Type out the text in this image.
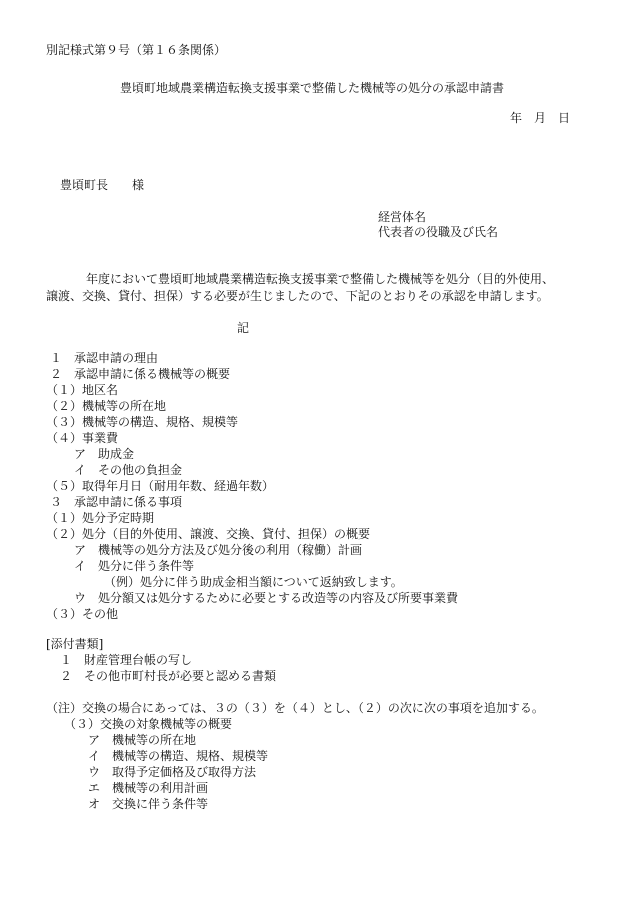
別記様式第９号（第１６条関係）
豊頃町地域農業構造転換支援事業で整備した機械等の処分の承認申請書
年　月　日
豊頃町長　　様
経営体名
代表者の役職及び氏名
年度において豊頃町地域農業構造転換支援事業で整備した機械等を処分（目的外使用、
譲渡、交換、貸付、担保）する必要が生じましたので、下記のとおりその承認を申請します。
記
１　承認申請の理由
２　承認申請に係る機械等の概要
（１）地区名
（２）機械等の所在地
（３）機械等の構造、規格、規模等
（４）事業費
ア　助成金
イ　その他の負担金
（５）取得年月日（耐用年数、経過年数）
３　承認申請に係る事項
（１）処分予定時期
（２）処分（目的外使用、譲渡、交換、貸付、担保）の概要
ア　機械等の処分方法及び処分後の利用（稼働）計画
イ　処分に伴う条件等
（例）処分に伴う助成金相当額について返納致します。
ウ　処分額又は処分するために必要とする改造等の内容及び所要事業費
（３）その他
[添付書類]
１　財産管理台帳の写し
２　その他市町村長が必要と認める書類
（注）交換の場合にあっては、３の（３）を（４）とし、（２）の次に次の事項を追加する。
（３）交換の対象機械等の概要
ア　機械等の所在地
イ　機械等の構造、規格、規模等
ウ　取得予定価格及び取得方法
エ　機械等の利用計画
オ　交換に伴う条件等
